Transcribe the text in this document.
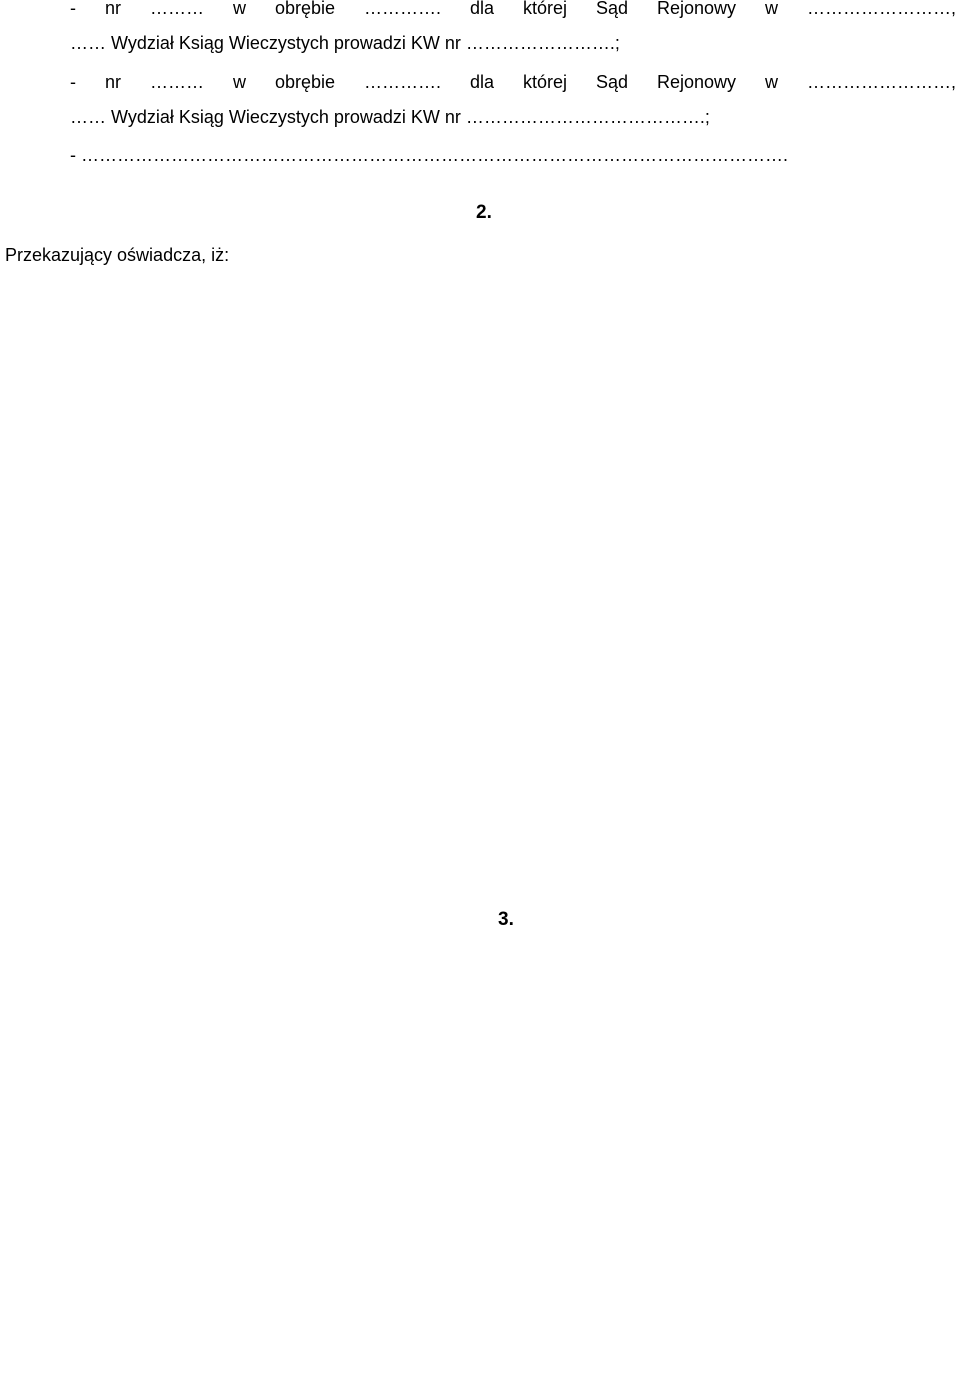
- nr ……… w obrębie …………. dla której Sąd Rejonowy w ……………………,
…… Wydział Ksiąg Wieczystych prowadzi KW nr …………………….;
- nr ……… w obrębie …………. dla której Sąd Rejonowy w ……………………,
…… Wydział Ksiąg Wieczystych prowadzi KW nr ………………………………….;
- ……………………………………………………………………………………………………….
2.
Przekazujący oświadcza, iż:
3.
